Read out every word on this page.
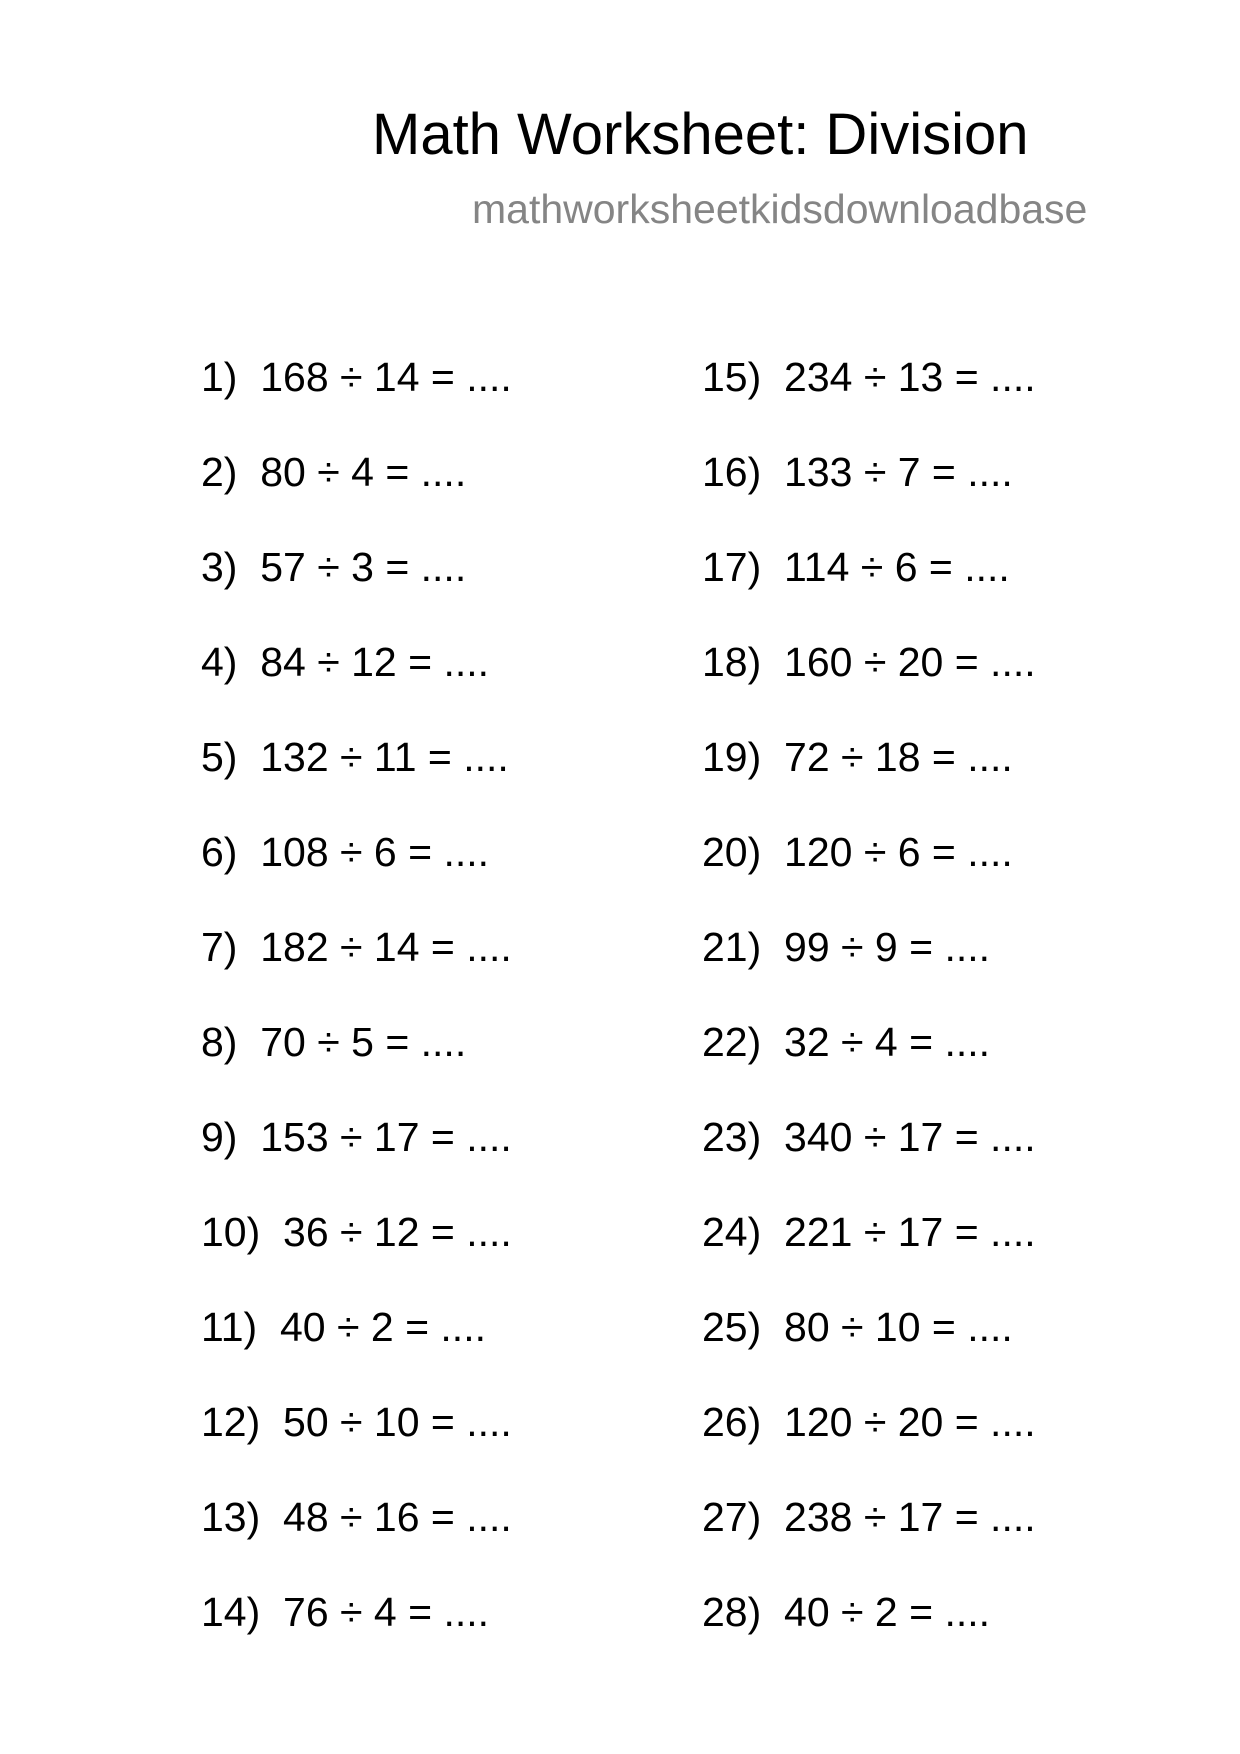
Math Worksheet: Division
mathworksheetkidsdownloadbase
1)  168 ÷ 14 = ....
2)  80 ÷ 4 = ....
3)  57 ÷ 3 = ....
4)  84 ÷ 12 = ....
5)  132 ÷ 11 = ....
6)  108 ÷ 6 = ....
7)  182 ÷ 14 = ....
8)  70 ÷ 5 = ....
9)  153 ÷ 17 = ....
10)  36 ÷ 12 = ....
11)  40 ÷ 2 = ....
12)  50 ÷ 10 = ....
13)  48 ÷ 16 = ....
14)  76 ÷ 4 = ....
15)  234 ÷ 13 = ....
16)  133 ÷ 7 = ....
17)  114 ÷ 6 = ....
18)  160 ÷ 20 = ....
19)  72 ÷ 18 = ....
20)  120 ÷ 6 = ....
21)  99 ÷ 9 = ....
22)  32 ÷ 4 = ....
23)  340 ÷ 17 = ....
24)  221 ÷ 17 = ....
25)  80 ÷ 10 = ....
26)  120 ÷ 20 = ....
27)  238 ÷ 17 = ....
28)  40 ÷ 2 = ....
